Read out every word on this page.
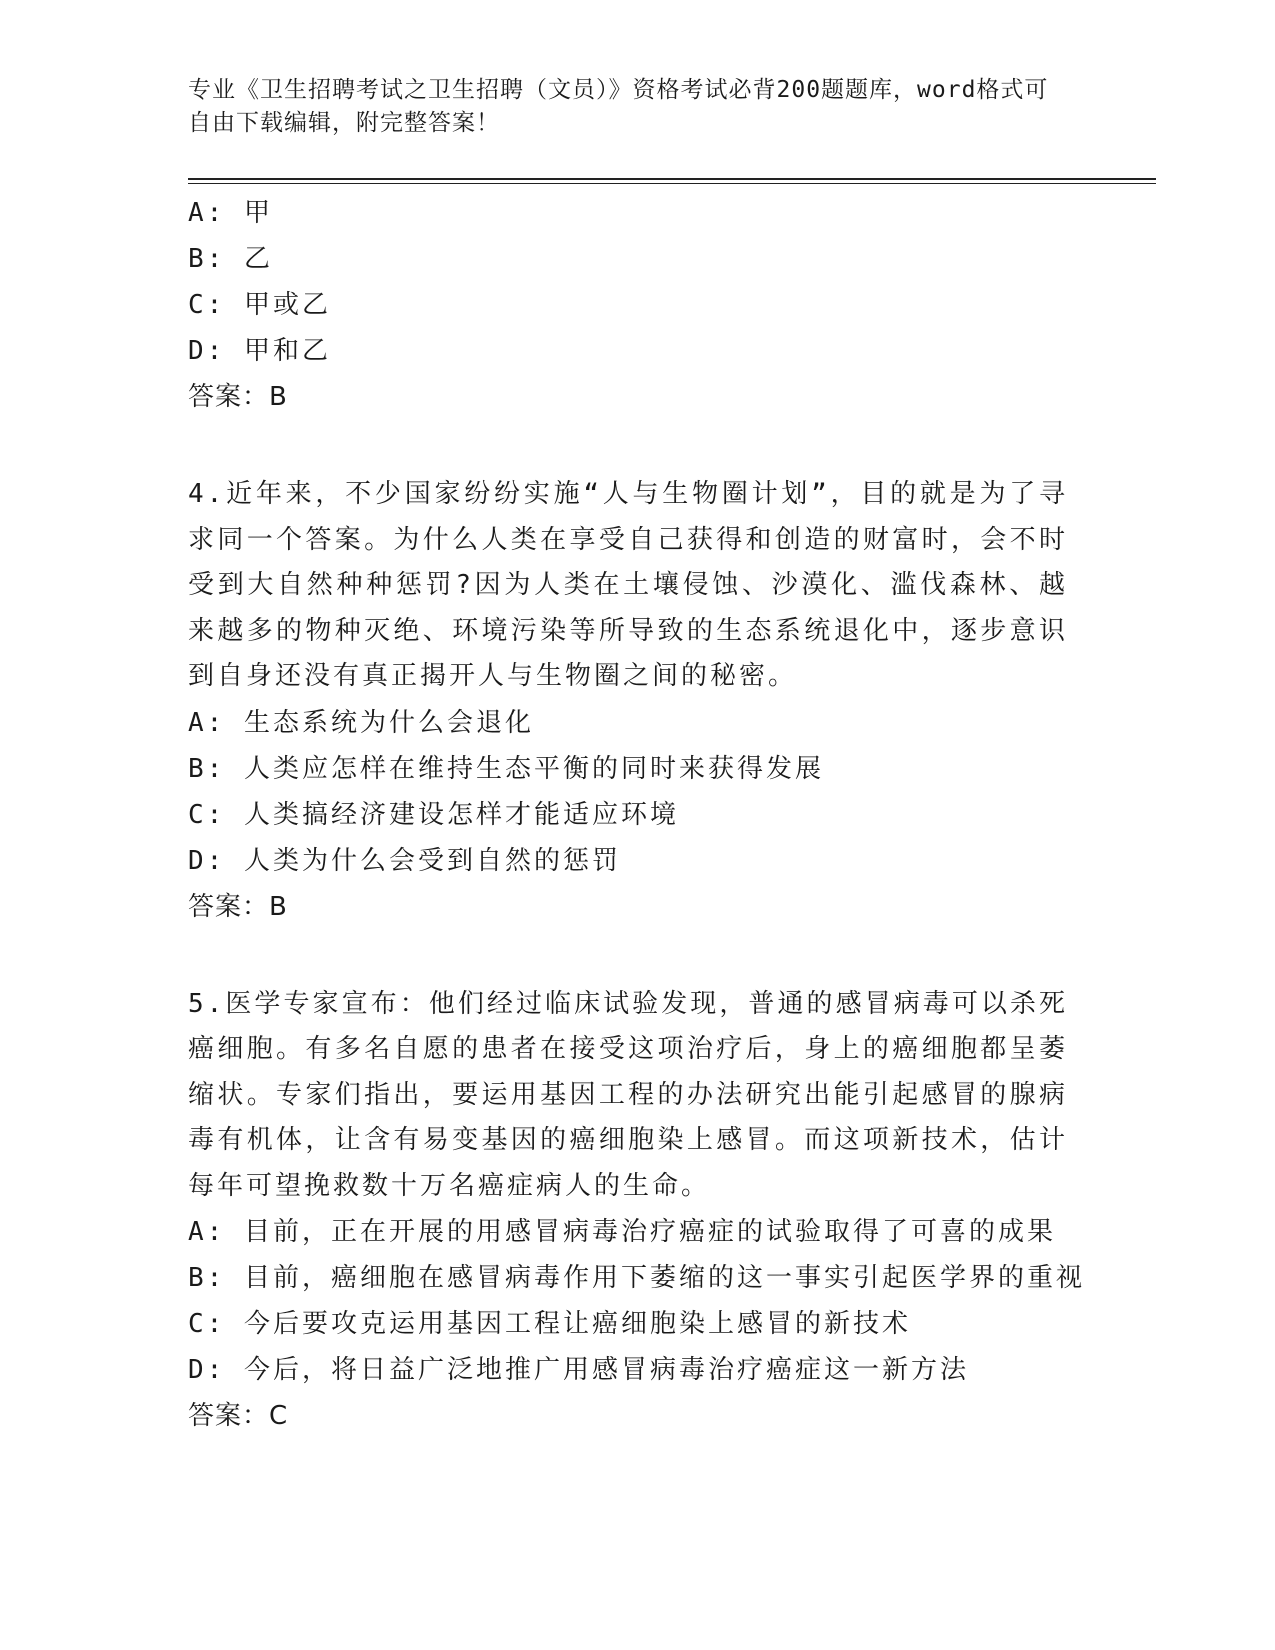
专业《卫生招聘考试之卫生招聘（文员）》资格考试必背200题题库，word格式可自由下载编辑，附完整答案！
A: 甲
B: 乙
C: 甲或乙
D: 甲和乙
答案：B
4.近年来，不少国家纷纷实施“人与生物圈计划”，目的就是为了寻求同一个答案。为什么人类在享受自己获得和创造的财富时，会不时受到大自然种种惩罚?因为人类在土壤侵蚀、沙漠化、滥伐森林、越来越多的物种灭绝、环境污染等所导致的生态系统退化中，逐步意识到自身还没有真正揭开人与生物圈之间的秘密。
A: 生态系统为什么会退化
B: 人类应怎样在维持生态平衡的同时来获得发展
C: 人类搞经济建设怎样才能适应环境
D: 人类为什么会受到自然的惩罚
答案：B
5.医学专家宣布：他们经过临床试验发现，普通的感冒病毒可以杀死癌细胞。有多名自愿的患者在接受这项治疗后，身上的癌细胞都呈萎缩状。专家们指出，要运用基因工程的办法研究出能引起感冒的腺病毒有机体，让含有易变基因的癌细胞染上感冒。而这项新技术，估计每年可望挽救数十万名癌症病人的生命。
A: 目前，正在开展的用感冒病毒治疗癌症的试验取得了可喜的成果
B: 目前，癌细胞在感冒病毒作用下萎缩的这一事实引起医学界的重视
C: 今后要攻克运用基因工程让癌细胞染上感冒的新技术
D: 今后，将日益广泛地推广用感冒病毒治疗癌症这一新方法
答案：C
